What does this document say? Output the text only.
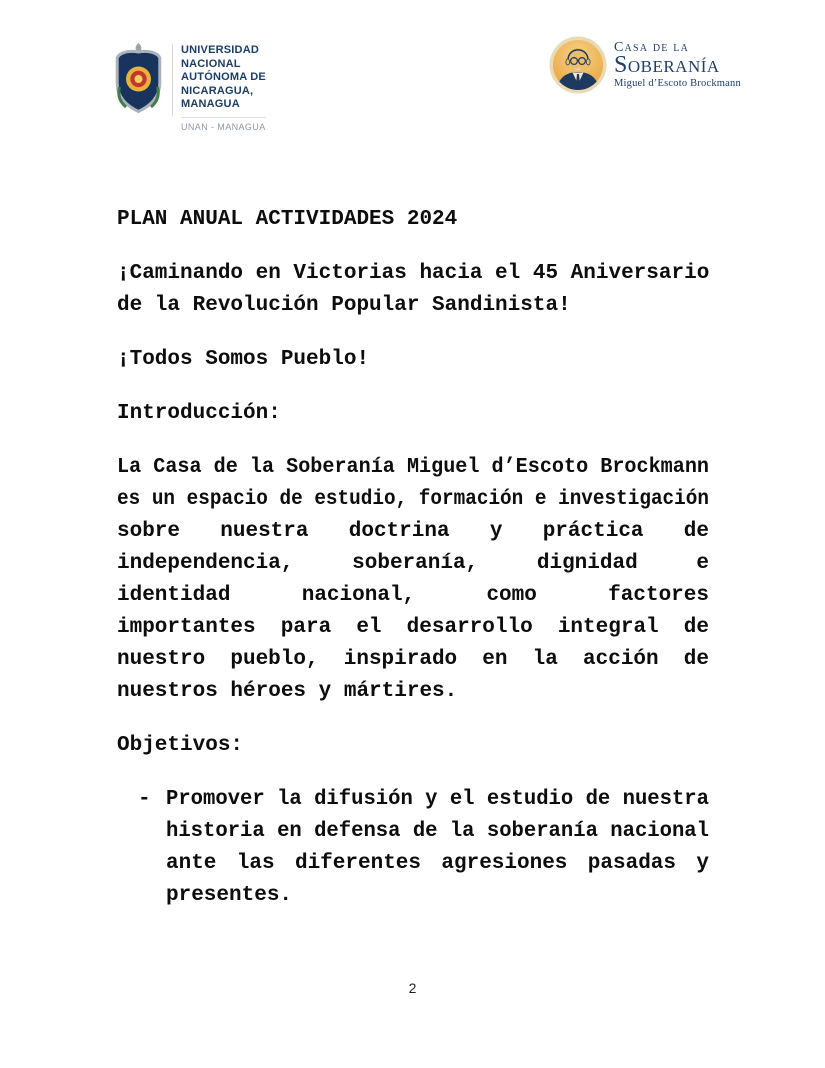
UNIVERSIDAD
NACIONAL
AUTÓNOMA DE
NICARAGUA,
MANAGUA
UNAN - MANAGUA
Casa de la
Soberanía
Miguel d’Escoto Brockmann
PLAN ANUAL ACTIVIDADES 2024
¡Caminando en Victorias hacia el 45 Aniversario
de la Revolución Popular Sandinista!
¡Todos Somos Pueblo!
Introducción:
La Casa de la Soberanía Miguel d’Escoto Brockmann
es un espacio de estudio, formación e investigación
sobre nuestra doctrina y práctica de
independencia, soberanía, dignidad e
identidad nacional, como factores
importantes para el desarrollo integral de
nuestro pueblo, inspirado en la acción de
nuestros héroes y mártires.
Objetivos:
- Promover la difusión y el estudio de nuestra
historia en defensa de la soberanía nacional
ante las diferentes agresiones pasadas y
presentes.
2
